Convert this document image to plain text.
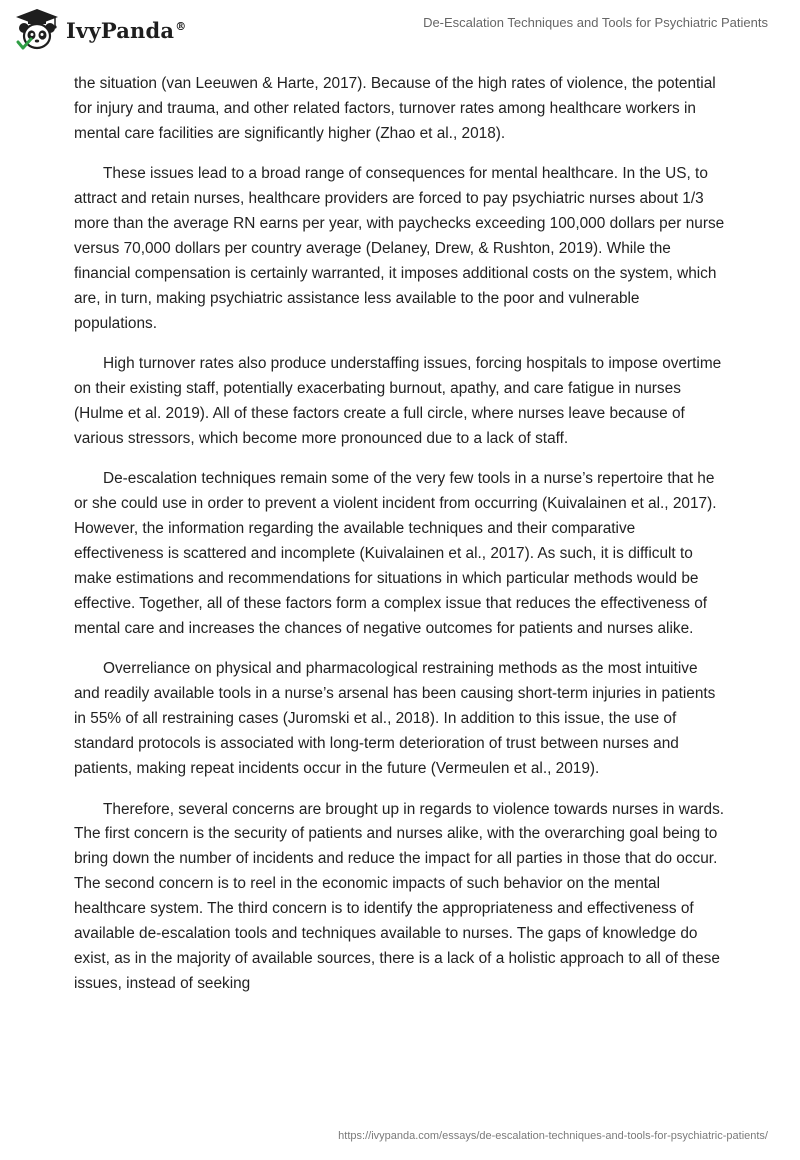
IvyPanda®	De-Escalation Techniques and Tools for Psychiatric Patients

the situation (van Leeuwen & Harte, 2017). Because of the high rates of violence, the potential for injury and trauma, and other related factors, turnover rates among healthcare workers in mental care facilities are significantly higher (Zhao et al., 2018).

These issues lead to a broad range of consequences for mental healthcare. In the US, to attract and retain nurses, healthcare providers are forced to pay psychiatric nurses about 1/3 more than the average RN earns per year, with paychecks exceeding 100,000 dollars per nurse versus 70,000 dollars per country average (Delaney, Drew, & Rushton, 2019). While the financial compensation is certainly warranted, it imposes additional costs on the system, which are, in turn, making psychiatric assistance less available to the poor and vulnerable populations.

High turnover rates also produce understaffing issues, forcing hospitals to impose overtime on their existing staff, potentially exacerbating burnout, apathy, and care fatigue in nurses (Hulme et al. 2019). All of these factors create a full circle, where nurses leave because of various stressors, which become more pronounced due to a lack of staff.

De-escalation techniques remain some of the very few tools in a nurse’s repertoire that he or she could use in order to prevent a violent incident from occurring (Kuivalainen et al., 2017). However, the information regarding the available techniques and their comparative effectiveness is scattered and incomplete (Kuivalainen et al., 2017). As such, it is difficult to make estimations and recommendations for situations in which particular methods would be effective. Together, all of these factors form a complex issue that reduces the effectiveness of mental care and increases the chances of negative outcomes for patients and nurses alike.

Overreliance on physical and pharmacological restraining methods as the most intuitive and readily available tools in a nurse’s arsenal has been causing short-term injuries in patients in 55% of all restraining cases (Juromski et al., 2018). In addition to this issue, the use of standard protocols is associated with long-term deterioration of trust between nurses and patients, making repeat incidents occur in the future (Vermeulen et al., 2019).

Therefore, several concerns are brought up in regards to violence towards nurses in wards. The first concern is the security of patients and nurses alike, with the overarching goal being to bring down the number of incidents and reduce the impact for all parties in those that do occur. The second concern is to reel in the economic impacts of such behavior on the mental healthcare system. The third concern is to identify the appropriateness and effectiveness of available de-escalation tools and techniques available to nurses. The gaps of knowledge do exist, as in the majority of available sources, there is a lack of a holistic approach to all of these issues, instead of seeking

https://ivypanda.com/essays/de-escalation-techniques-and-tools-for-psychiatric-patients/
